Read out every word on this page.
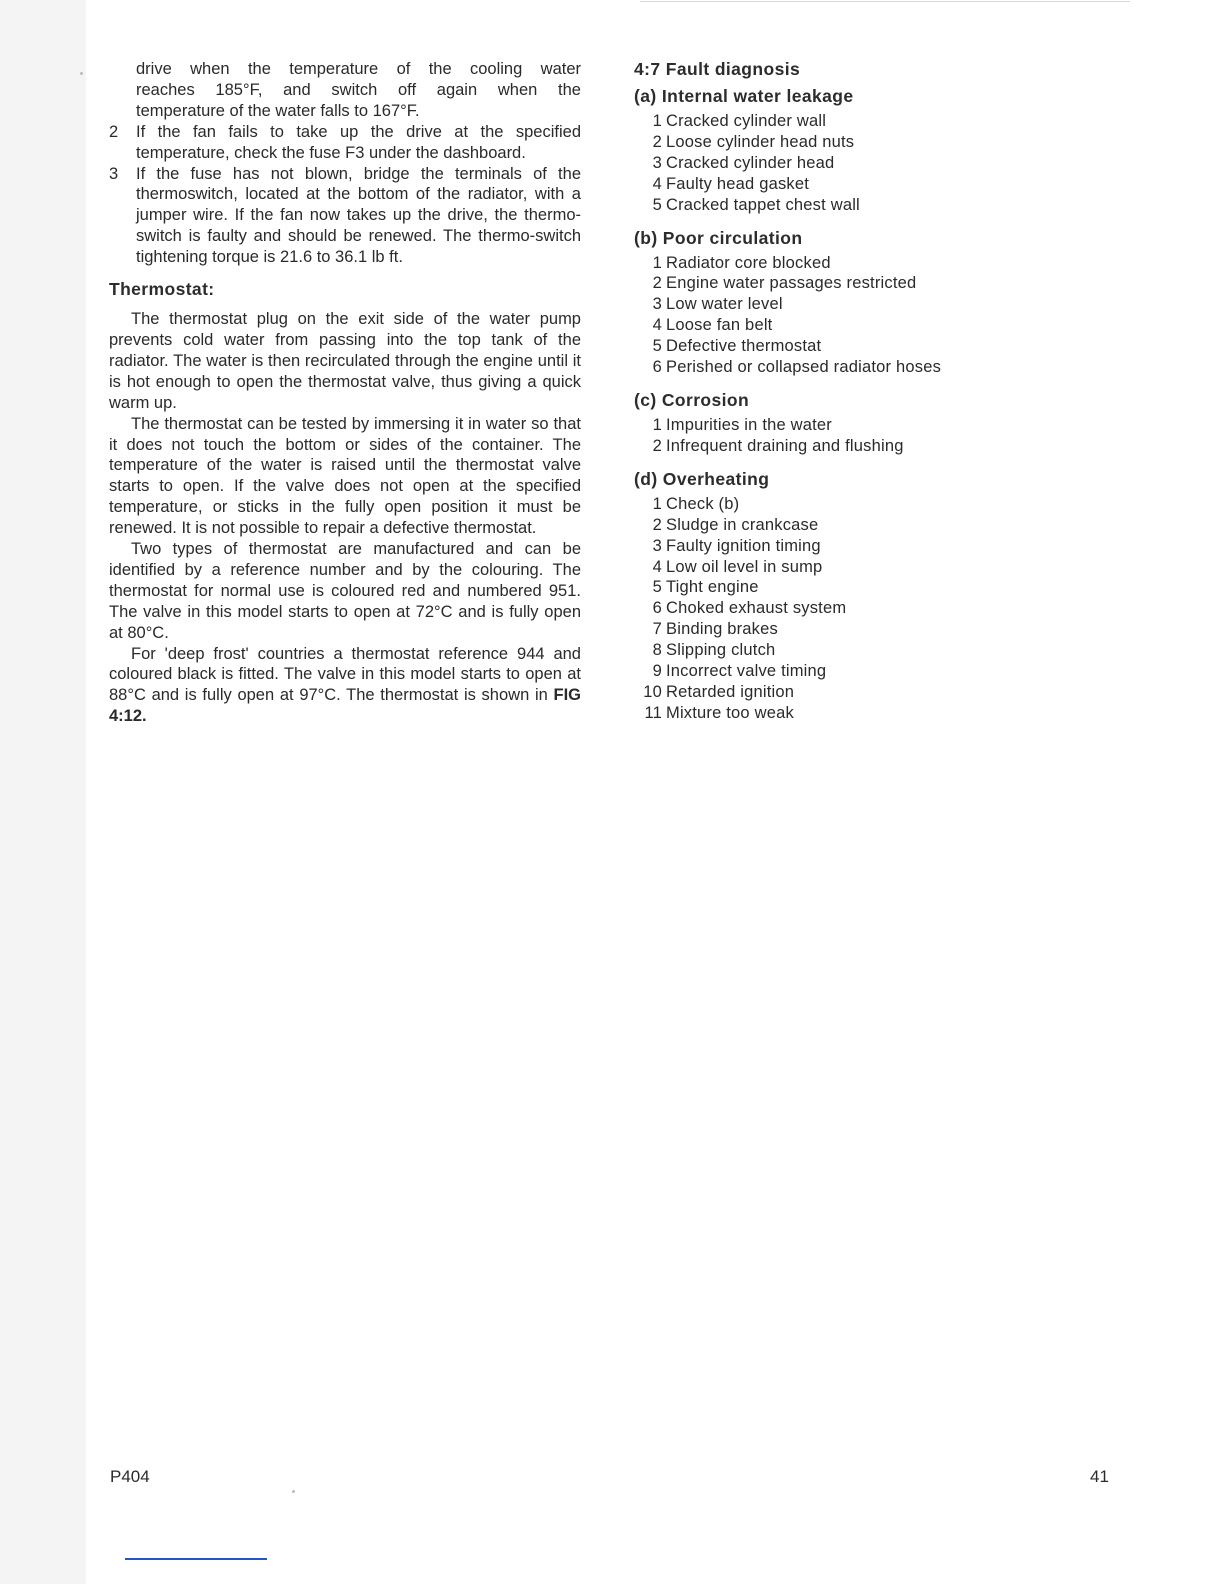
drive when the temperature of the cooling water

reaches 185°F, and switch off again when the

temperature of the water falls to 167°F.

2	If the fan fails to take up the drive at the specified temperature, check the fuse F3 under the dashboard.

3	If the fuse has not blown, bridge the terminals of the thermoswitch, located at the bottom of the radiator, with a jumper wire. If the fan now takes up the drive, the thermo-switch is faulty and should be renewed. The thermo-switch tightening torque is 21.6 to 36.1 lb ft.

Thermostat:

The thermostat plug on the exit side of the water pump prevents cold water from passing into the top tank of the radiator. The water is then recirculated through the engine until it is hot enough to open the thermostat valve, thus giving a quick warm up.

The thermostat can be tested by immersing it in water so that it does not touch the bottom or sides of the container. The temperature of the water is raised until the thermostat valve starts to open. If the valve does not open at the specified temperature, or sticks in the fully open position it must be renewed. It is not possible to repair a defective thermostat.

Two types of thermostat are manufactured and can be identified by a reference number and by the colouring. The thermostat for normal use is coloured red and numbered 951. The valve in this model starts to open at 72°C and is fully open at 80°C.

For 'deep frost' countries a thermostat reference 944 and coloured black is fitted. The valve in this model starts to open at 88°C and is fully open at 97°C. The thermostat is shown in FIG 4:12.

4:7 Fault diagnosis
(a) Internal water leakage
1 Cracked cylinder wall
2 Loose cylinder head nuts
3 Cracked cylinder head
4 Faulty head gasket
5 Cracked tappet chest wall
(b) Poor circulation
1 Radiator core blocked
2 Engine water passages restricted
3 Low water level
4 Loose fan belt
5 Defective thermostat
6 Perished or collapsed radiator hoses
(c) Corrosion
1 Impurities in the water
2 Infrequent draining and flushing
(d) Overheating
1 Check (b)
2 Sludge in crankcase
3 Faulty ignition timing
4 Low oil level in sump
5 Tight engine
6 Choked exhaust system
7 Binding brakes
8 Slipping clutch
9 Incorrect valve timing
10 Retarded ignition
11 Mixture too weak
P404	41
